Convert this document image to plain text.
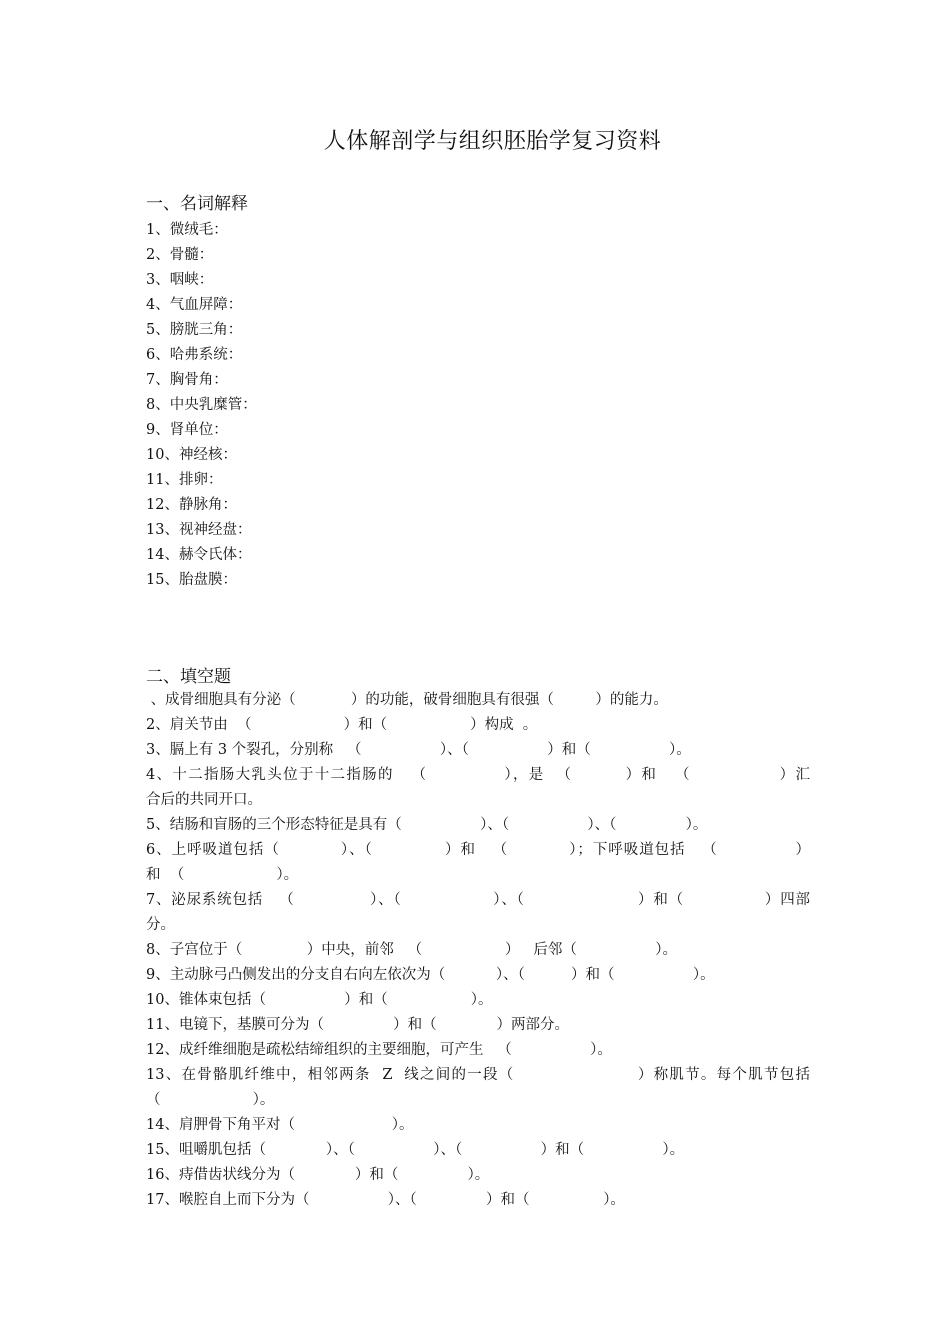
人体解剖学与组织胚胎学复习资料
一、名词解释
1、微绒毛：
2、骨髓：
3、咽峡：
4、气血屏障：
5、膀胱三角：
6、哈弗系统：
7、胸骨角：
8、中央乳糜管：
9、肾单位：
10、神经核：
11、排卵：
12、静脉角：
13、视神经盘：
14、赫令氏体：
15、胎盘膜：
二、填空题
、成骨细胞具有分泌（            ）的功能，破骨细胞具有很强（         ）的能力。
2、肩关节由  （                    ）和（                  ）构成  。
3、膈上有 3 个裂孔，分别称   （                 ）、（                 ）和（                 ）。
4、十二指肠大乳头位于十二指肠的   （             ），是  （         ）和   （               ）汇
合后的共同开口。
5、结肠和盲肠的三个形态特征是具有（                 ）、（                 ）、（               ）。
6、上呼吸道包括（           ）、（             ）和   （           ）；下呼吸道包括   （              ）
和  （                    ）。
7、泌尿系统包括   （              ）、（                 ）、（                     ）和（               ）四部
分。
8、子宫位于（              ）中央，前邻   （                  ）   后邻（                 ）。
9、主动脉弓凸侧发出的分支自右向左依次为（           ）、（          ）和（                 ）。
10、锥体束包括（                 ）和（                  ）。
11、电镜下，基膜可分为（               ）和（             ）两部分。
12、成纤维细胞是疏松结缔组织的主要细胞，可产生   （                 ）。
13、在骨骼肌纤维中，相邻两条  Z  线之间的一段（                     ）称肌节。每个肌节包括
（                    ）。
14、肩胛骨下角平对（                     ）。
15、咀嚼肌包括（             ）、（                 ）、（                 ）和（                 ）。
16、痔借齿状线分为（             ）和（               ）。
17、喉腔自上而下分为（                 ）、（               ）和（                ）。
